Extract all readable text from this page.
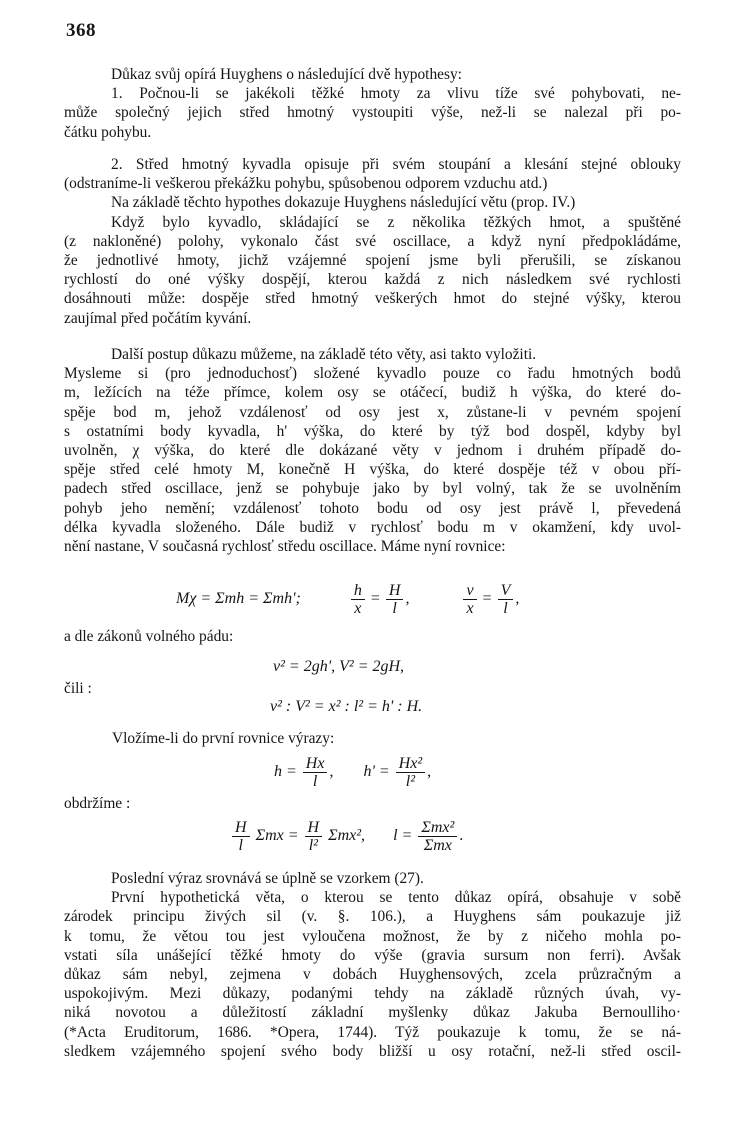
368
Důkaz svůj opírá Huyghens o následující dvě hypothesy:
1. Počnou-li se jakékoli těžké hmoty za vlivu tíže své pohybovati, ne-
může společný jejich střed hmotný vystoupiti výše, než-li se nalezal při po-
čátku pohybu.
2. Střed hmotný kyvadla opisuje při svém stoupání a klesání stejné oblouky
(odstraníme-li veškerou překážku pohybu, spůsobenou odporem vzduchu atd.)
Na základě těchto hypothes dokazuje Huyghens následující větu (prop. IV.)
Když bylo kyvadlo, skládající se z několika těžkých hmot, a spuštěné
(z nakloněné) polohy, vykonalo část své oscillace, a když nyní předpokládáme,
že jednotlivé hmoty, jichž vzájemné spojení jsme byli přerušili, se získanou
rychlostí do oné výšky dospějí, kterou každá z nich následkem své rychlosti
dosáhnouti může: dospěje střed hmotný veškerých hmot do stejné výšky, kterou
zaujímal před počátím kyvání.
Další postup důkazu můžeme, na základě této věty, asi takto vyložiti.
Mysleme si (pro jednoduchosť) složené kyvadlo pouze co řadu hmotných bodů
m, ležících na téže přímce, kolem osy se otáčecí, budiž h výška, do které do-
spěje bod m, jehož vzdálenosť od osy jest x, zůstane-li v pevném spojení
s ostatními body kyvadla, h' výška, do které by týž bod dospěl, kdyby byl
uvolněn, χ výška, do které dle dokázané věty v jednom i druhém případě do-
spěje střed celé hmoty M, konečně H výška, do které dospěje též v obou pří-
padech střed oscillace, jenž se pohybuje jako by byl volný, tak že se uvolněním
pohyb jeho nemění; vzdálenosť tohoto bodu od osy jest právě l, převedená
délka kyvadla složeného. Dále budiž v rychlosť bodu m v okamžení, kdy uvol-
nění nastane, V současná rychlosť středu oscillace. Máme nyní rovnice:
Mχ = Σmh = Σmh';	$\frac{h}{x} = \frac{H}{l}$ ,	$\frac{v}{x} = \frac{V}{l}$ ,
a dle zákonů volného pádu:
v² = 2gh', V² = 2gH,
čili :
v² : V² = x² : l² = h' : H.
Vložíme-li do první rovnice výrazy:
$h = \frac{Hx}{l}$ , $h' = \frac{\text{Hx²}}{\text{l²}}$ ,
obdržíme :
$\frac{H}{l}$ $\Sigma mx = \frac{H}{\text{l²}} \Sigma mx^2$, $l = \frac{\text{Σmx²}}{\text{Σmx}}$ .
Poslední výraz srovnává se úplně se vzorkem (27).
První hypothetická věta, o kterou se tento důkaz opírá, obsahuje v sobě
zárodek principu živých sil (v. §. 106.), a Huyghens sám poukazuje již
k tomu, že větou tou jest vyloučena možnost, že by z ničeho mohla po-
vstati síla unášející těžké hmoty do výše (gravia sursum non ferri). Avšak
důkaz sám nebyl, zejmena v dobách Huyghensových, zcela průzračným a
uspokojivým. Mezi důkazy, podanými tehdy na základě různých úvah, vy-
niká novotou a důležitostí základní myšlenky důkaz Jakuba Bernoulliho·
(*Acta Eruditorum, 1686. *Opera, 1744). Týž poukazuje k tomu, že se ná-
sledkem vzájemného spojení svého body bližší u osy rotační, než-li střed oscil-
